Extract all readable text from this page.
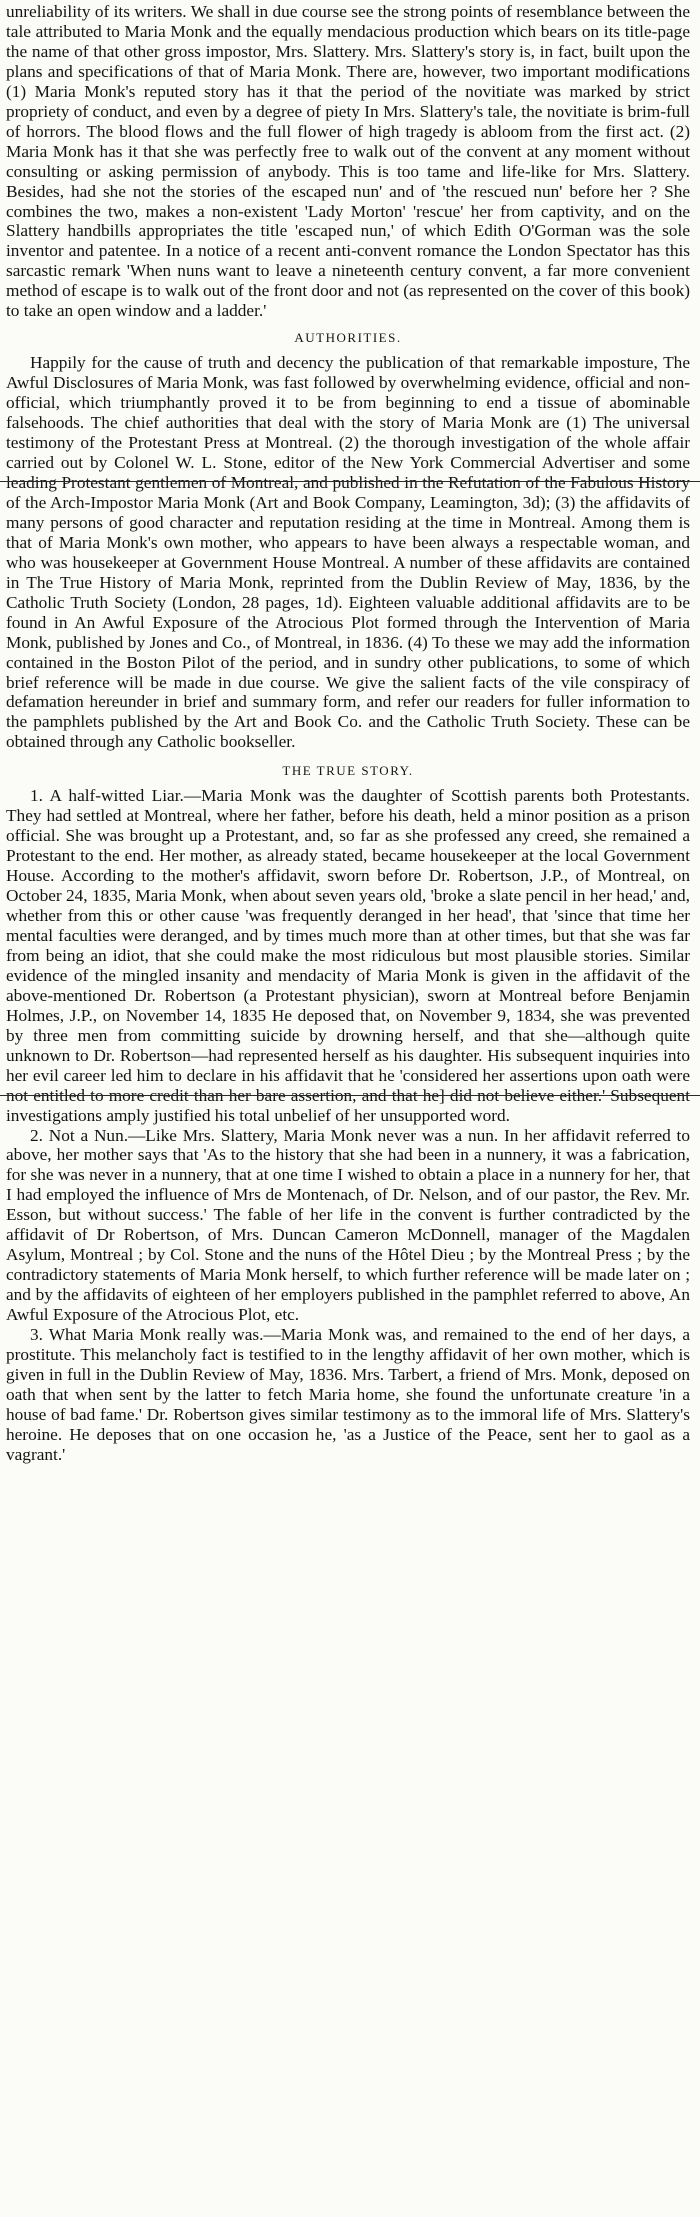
unreliability of its writers. We shall in due course see the strong points of resemblance between the tale attributed to Maria Monk and the equally mendacious production which bears on its title-page the name of that other gross impostor, Mrs. Slattery. Mrs. Slattery's story is, in fact, built upon the plans and specifications of that of Maria Monk. There are, however, two important modifications (1) Maria Monk's reputed story has it that the period of the novitiate was marked by strict propriety of conduct, and even by a degree of piety In Mrs. Slattery's tale, the novitiate is brim-full of horrors. The blood flows and the full flower of high tragedy is abloom from the first act. (2) Maria Monk has it that she was perfectly free to walk out of the convent at any moment without consulting or asking permission of anybody. This is too tame and life-like for Mrs. Slattery. Besides, had she not the stories of the escaped nun' and of 'the rescued nun' before her ? She combines the two, makes a non-existent 'Lady Morton' 'rescue' her from captivity, and on the Slattery handbills appropriates the title 'escaped nun,' of which Edith O'Gorman was the sole inventor and patentee. In a notice of a recent anti-convent romance the London Spectator has this sarcastic remark 'When nuns want to leave a nineteenth century convent, a far more convenient method of escape is to walk out of the front door and not (as represented on the cover of this book) to take an open window and a ladder.'

AUTHORITIES.

Happily for the cause of truth and decency the publication of that remarkable imposture, The Awful Disclosures of Maria Monk, was fast followed by overwhelming evidence, official and non-official, which triumphantly proved it to be from beginning to end a tissue of abominable falsehoods. The chief authorities that deal with the story of Maria Monk are (1) The universal testimony of the Protestant Press at Montreal. (2) the thorough investigation of the whole affair carried out by Colonel W. L. Stone, editor of the New York Commercial Advertiser and some leading Protestant gentlemen of Montreal, and published in the Refutation of the Fabulous History of the Arch-Impostor Maria Monk (Art and Book Company, Leamington, 3d); (3) the affidavits of many persons of good character and reputation residing at the time in Montreal. Among them is that of Maria Monk's own mother, who appears to have been always a respectable woman, and who was housekeeper at Government House Montreal. A number of these affidavits are contained in The True History of Maria Monk, reprinted from the Dublin Review of May, 1836, by the Catholic Truth Society (London, 28 pages, 1d). Eighteen valuable additional affidavits are to be found in An Awful Exposure of the Atrocious Plot formed through the Intervention of Maria Monk, published by Jones and Co., of Montreal, in 1836. (4) To these we may add the information contained in the Boston Pilot of the period, and in sundry other publications, to some of which brief reference will be made in due course. We give the salient facts of the vile conspiracy of defamation hereunder in brief and summary form, and refer our readers for fuller information to the pamphlets published by the Art and Book Co. and the Catholic Truth Society. These can be obtained through any Catholic bookseller.

THE TRUE STORY.

1. A half-witted Liar.—Maria Monk was the daughter of Scottish parents both Protestants. They had settled at Montreal, where her father, before his death, held a minor position as a prison official. She was brought up a Protestant, and, so far as she professed any creed, she remained a Protestant to the end. Her mother, as already stated, became housekeeper at the local Government House. According to the mother's affidavit, sworn before Dr. Robertson, J.P., of Montreal, on October 24, 1835, Maria Monk, when about seven years old, 'broke a slate pencil in her head,' and, whether from this or other cause 'was frequently deranged in her head', that 'since that time her mental faculties were deranged, and by times much more than at other times, but that she was far from being an idiot, that she could make the most ridiculous but most plausible stories. Similar evidence of the mingled insanity and mendacity of Maria Monk is given in the affidavit of the above-mentioned Dr. Robertson (a Protestant physician), sworn at Montreal before Benjamin Holmes, J.P., on November 14, 1835 He deposed that, on November 9, 1834, she was prevented by three men from committing suicide by drowning herself, and that she—although quite unknown to Dr. Robertson—had represented herself as his daughter. His subsequent inquiries into her evil career led him to declare in his affidavit that he 'considered her assertions upon oath were not entitled to more credit than her bare assertion, and that he] did not believe either.' Subsequent investigations amply justified his total unbelief of her unsupported word.

2. Not a Nun.—Like Mrs. Slattery, Maria Monk never was a nun. In her affidavit referred to above, her mother says that 'As to the history that she had been in a nunnery, it was a fabrication, for she was never in a nunnery, that at one time I wished to obtain a place in a nunnery for her, that I had employed the influence of Mrs de Montenach, of Dr. Nelson, and of our pastor, the Rev. Mr. Esson, but without success.' The fable of her life in the convent is further contradicted by the affidavit of Dr Robertson, of Mrs. Duncan Cameron McDonnell, manager of the Magdalen Asylum, Montreal ; by Col. Stone and the nuns of the Hôtel Dieu ; by the Montreal Press ; by the contradictory statements of Maria Monk herself, to which further reference will be made later on ; and by the affidavits of eighteen of her employers published in the pamphlet referred to above, An Awful Exposure of the Atrocious Plot, etc.

3. What Maria Monk really was.—Maria Monk was, and remained to the end of her days, a prostitute. This melancholy fact is testified to in the lengthy affidavit of her own mother, which is given in full in the Dublin Review of May, 1836. Mrs. Tarbert, a friend of Mrs. Monk, deposed on oath that when sent by the latter to fetch Maria home, she found the unfortunate creature 'in a house of bad fame.' Dr. Robertson gives similar testimony as to the immoral life of Mrs. Slattery's heroine. He deposes that on one occasion he, 'as a Justice of the Peace, sent her to gaol as a vagrant.'
